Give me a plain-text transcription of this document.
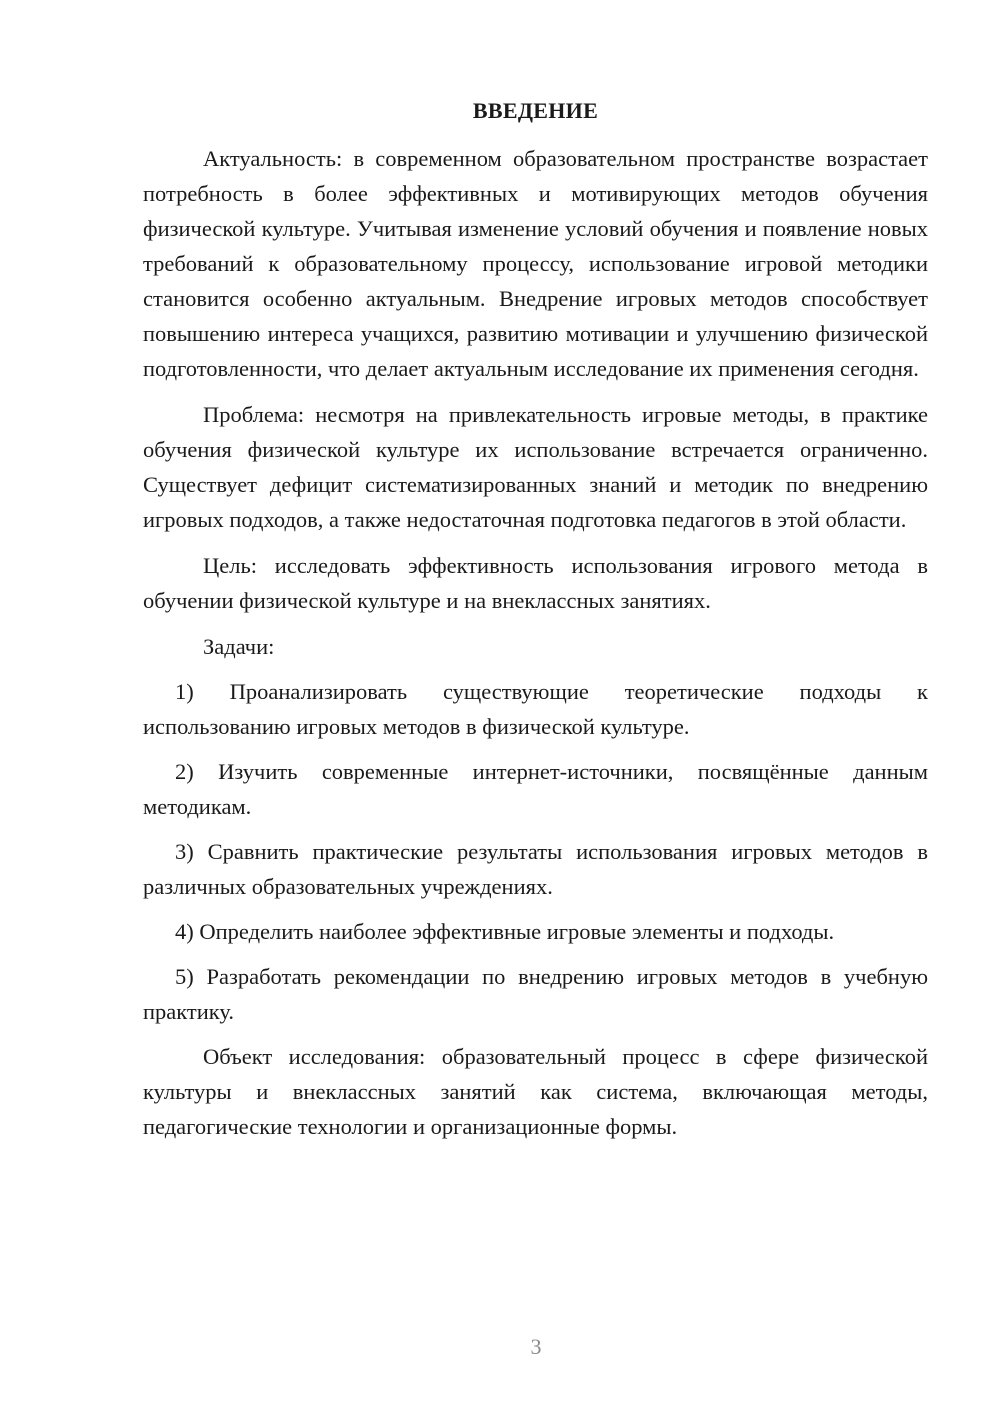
ВВЕДЕНИЕ

Актуальность: в современном образовательном пространстве возрастает потребность в более эффективных и мотивирующих методов обучения физической культуре. Учитывая изменение условий обучения и появление новых требований к образовательному процессу, использование игровой методики становится особенно актуальным. Внедрение игровых методов способствует повышению интереса учащихся, развитию мотивации и улучшению физической подготовленности, что делает актуальным исследование их применения сегодня.

Проблема: несмотря на привлекательность игровые методы, в практике обучения физической культуре их использование встречается ограниченно. Существует дефицит систематизированных знаний и методик по внедрению игровых подходов, а также недостаточная подготовка педагогов в этой области.

Цель: исследовать эффективность использования игрового метода в обучении физической культуре и на внеклассных занятиях.

Задачи:

1) Проанализировать существующие теоретические подходы к использованию игровых методов в физической культуре.

2) Изучить современные интернет-источники, посвящённые данным методикам.

3) Сравнить практические результаты использования игровых методов в различных образовательных учреждениях.

4) Определить наиболее эффективные игровые элементы и подходы.

5) Разработать рекомендации по внедрению игровых методов в учебную практику.

Объект исследования: образовательный процесс в сфере физической культуры и внеклассных занятий как система, включающая методы, педагогические технологии и организационные формы.

3
